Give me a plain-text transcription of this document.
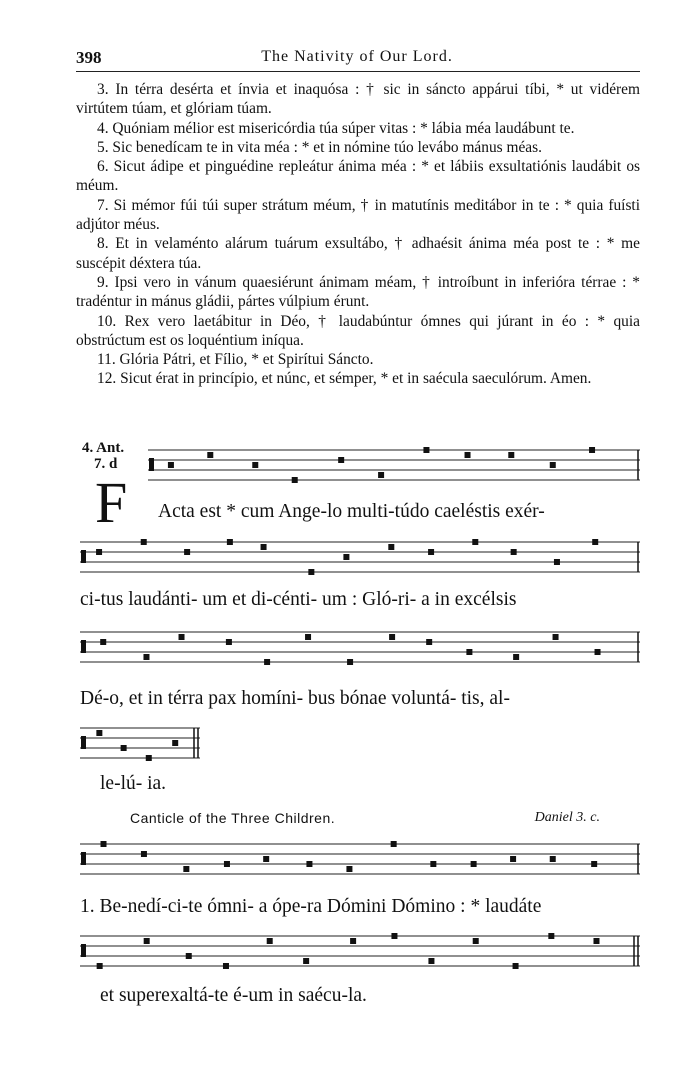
398	The Nativity of Our Lord.

3. In térra desérta et ínvia et inaquósa : † sic in sáncto appárui tíbi, * ut vidérem virtútem túam, et glóriam túam.

4. Quóniam mélior est misericórdia túa súper vitas : * lábia méa laudábunt te.

5. Sic benedícam te in vita méa : * et in nómine túo levábo mánus méas.

6. Sicut ádipe et pinguédine repleátur ánima méa : * et lábiis exsultatiónis laudábit os méum.

7. Si mémor fúi túi super strátum méum, † in matutínis meditábor in te : * quia fuísti adjútor méus.

8. Et in velaménto alárum tuárum exsultábo, † adhaésit ánima méa post te : * me suscépit déxtera túa.

9. Ipsi vero in vánum quaesiérunt ánimam méam, † introíbunt in inferióra térrae : * tradéntur in mánus gládii, pártes vúlpium érunt.

10. Rex vero laetábitur in Déo, † laudabúntur ómnes qui júrant in éo : * quia obstrúctum est os loquéntium iníqua.

11. Glória Pátri, et Fílio, * et Spirítui Sáncto.

12. Sicut érat in princípio, et núnc, et sémper, * et in saécula saeculórum. Amen.

4. Ant.
7. d
F Acta est * cum Ange-lo multi-túdo caeléstis exér-
ci-tus laudánti- um et di-cénti- um : Gló-ri- a in excélsis
Dé-o, et in térra pax homíni- bus bónae voluntá- tis, al-
le-lú- ia.
Canticle of the Three Children.	Daniel 3. c.
1. Be-nedí-ci-te ómni- a ópe-ra Dómini Dómino : * laudáte
et superexaltá-te é-um in saécu-la.
